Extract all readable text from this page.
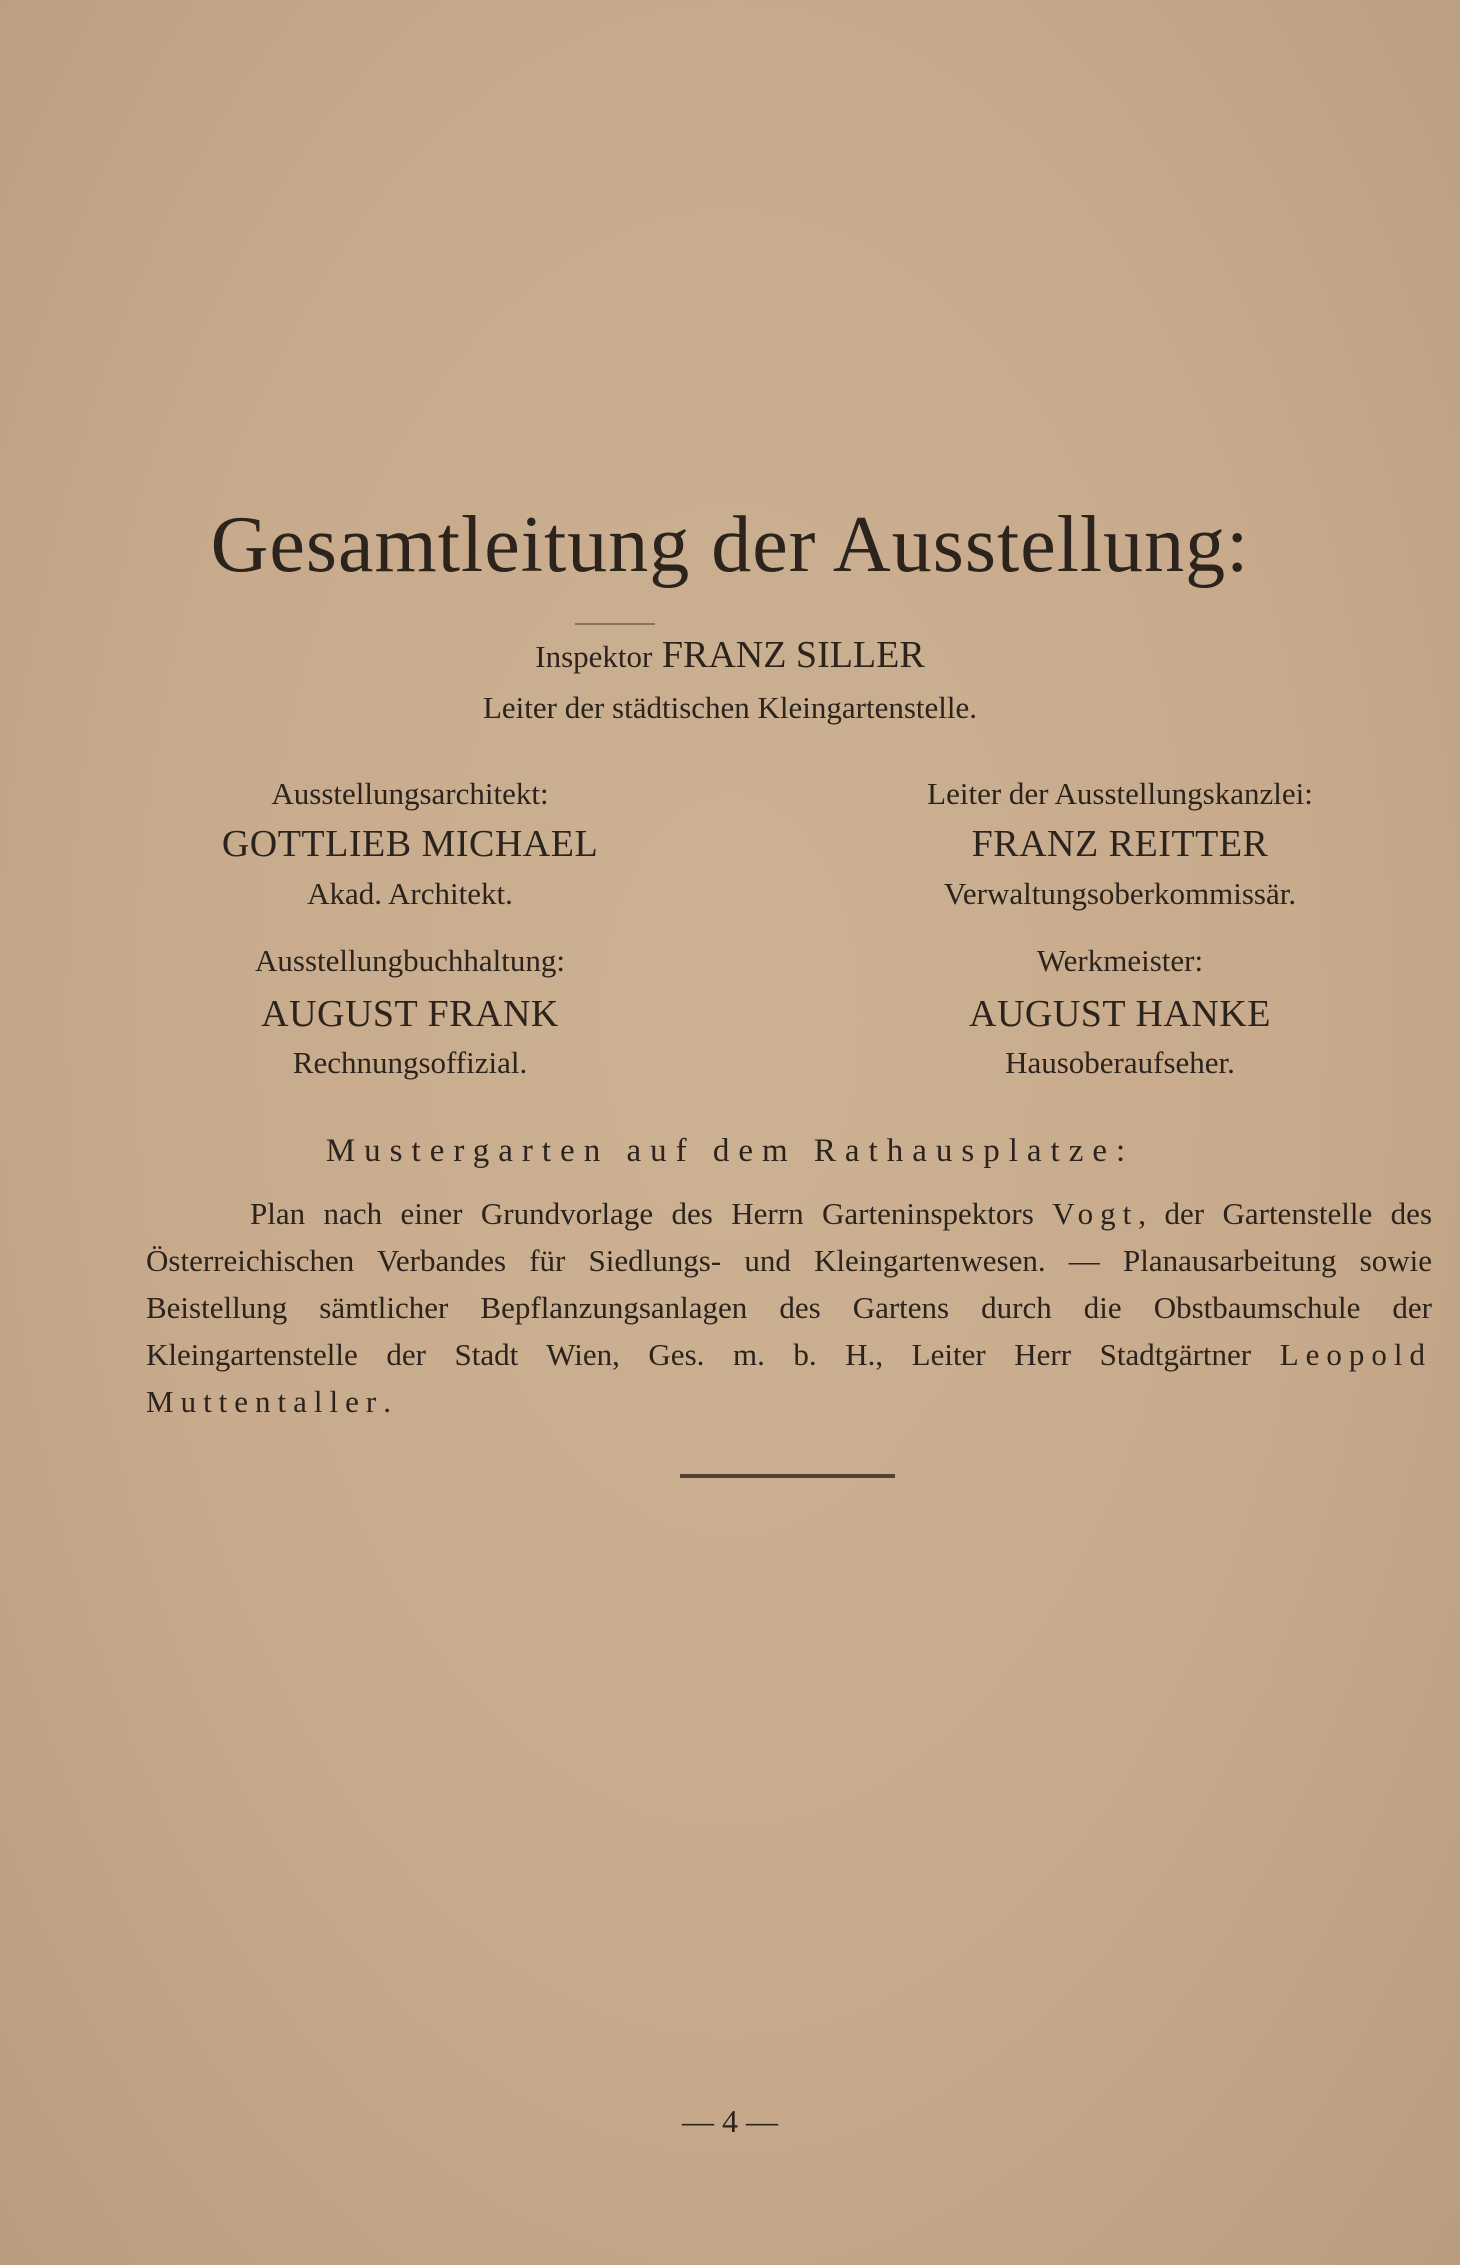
Gesamtleitung der Ausstellung:
Inspektor FRANZ SILLER
Leiter der städtischen Kleingartenstelle.
Ausstellungsarchitekt:
GOTTLIEB MICHAEL
Akad. Architekt.
Leiter der Ausstellungskanzlei:
FRANZ REITTER
Verwaltungsoberkommissär.
Ausstellungbuchhaltung:
AUGUST FRANK
Rechnungsoffizial.
Werkmeister:
AUGUST HANKE
Hausoberaufseher.
Mustergarten auf dem Rathausplatze:
Plan nach einer Grundvorlage des Herrn Garteninspektors Vogt, der Gartenstelle des Österreichischen Verbandes für Siedlungs- und Kleingartenwesen. — Planausarbeitung sowie Beistellung sämtlicher Bepflanzungsanlagen des Gartens durch die Obstbaumschule der Kleingartenstelle der Stadt Wien, Ges. m. b. H., Leiter Herr Stadtgärtner Leopold Muttentaller.
— 4 —
